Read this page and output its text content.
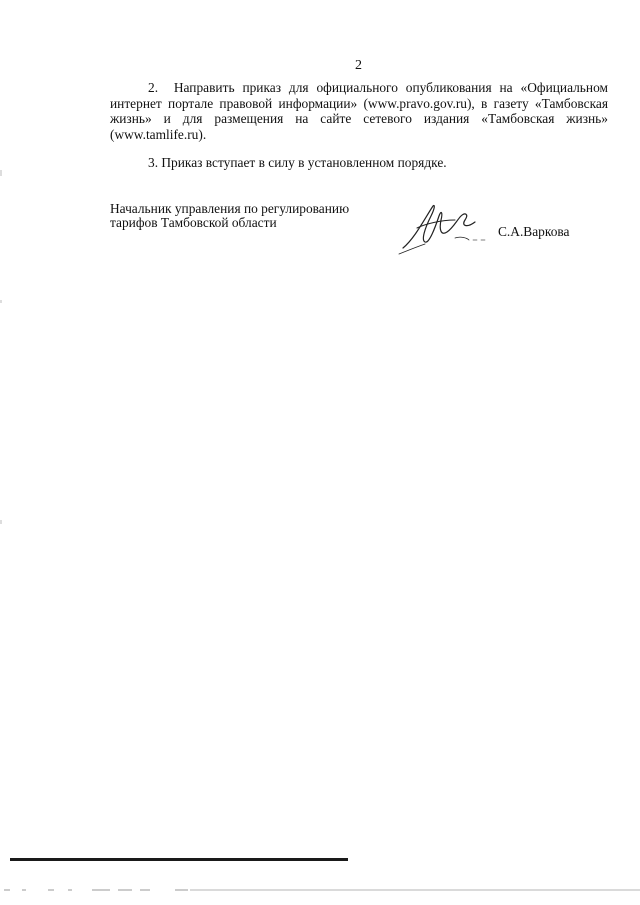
2
2. Направить приказ для официального опубликования на «Официальном интернет портале правовой информации» (www.pravo.gov.ru), в газету «Тамбовская жизнь» и для размещения на сайте сетевого издания «Тамбовская жизнь» (www.tamlife.ru).
3. Приказ вступает в силу в установленном порядке.
Начальник управления по регулированию
тарифов Тамбовской области
С.А.Варкова
